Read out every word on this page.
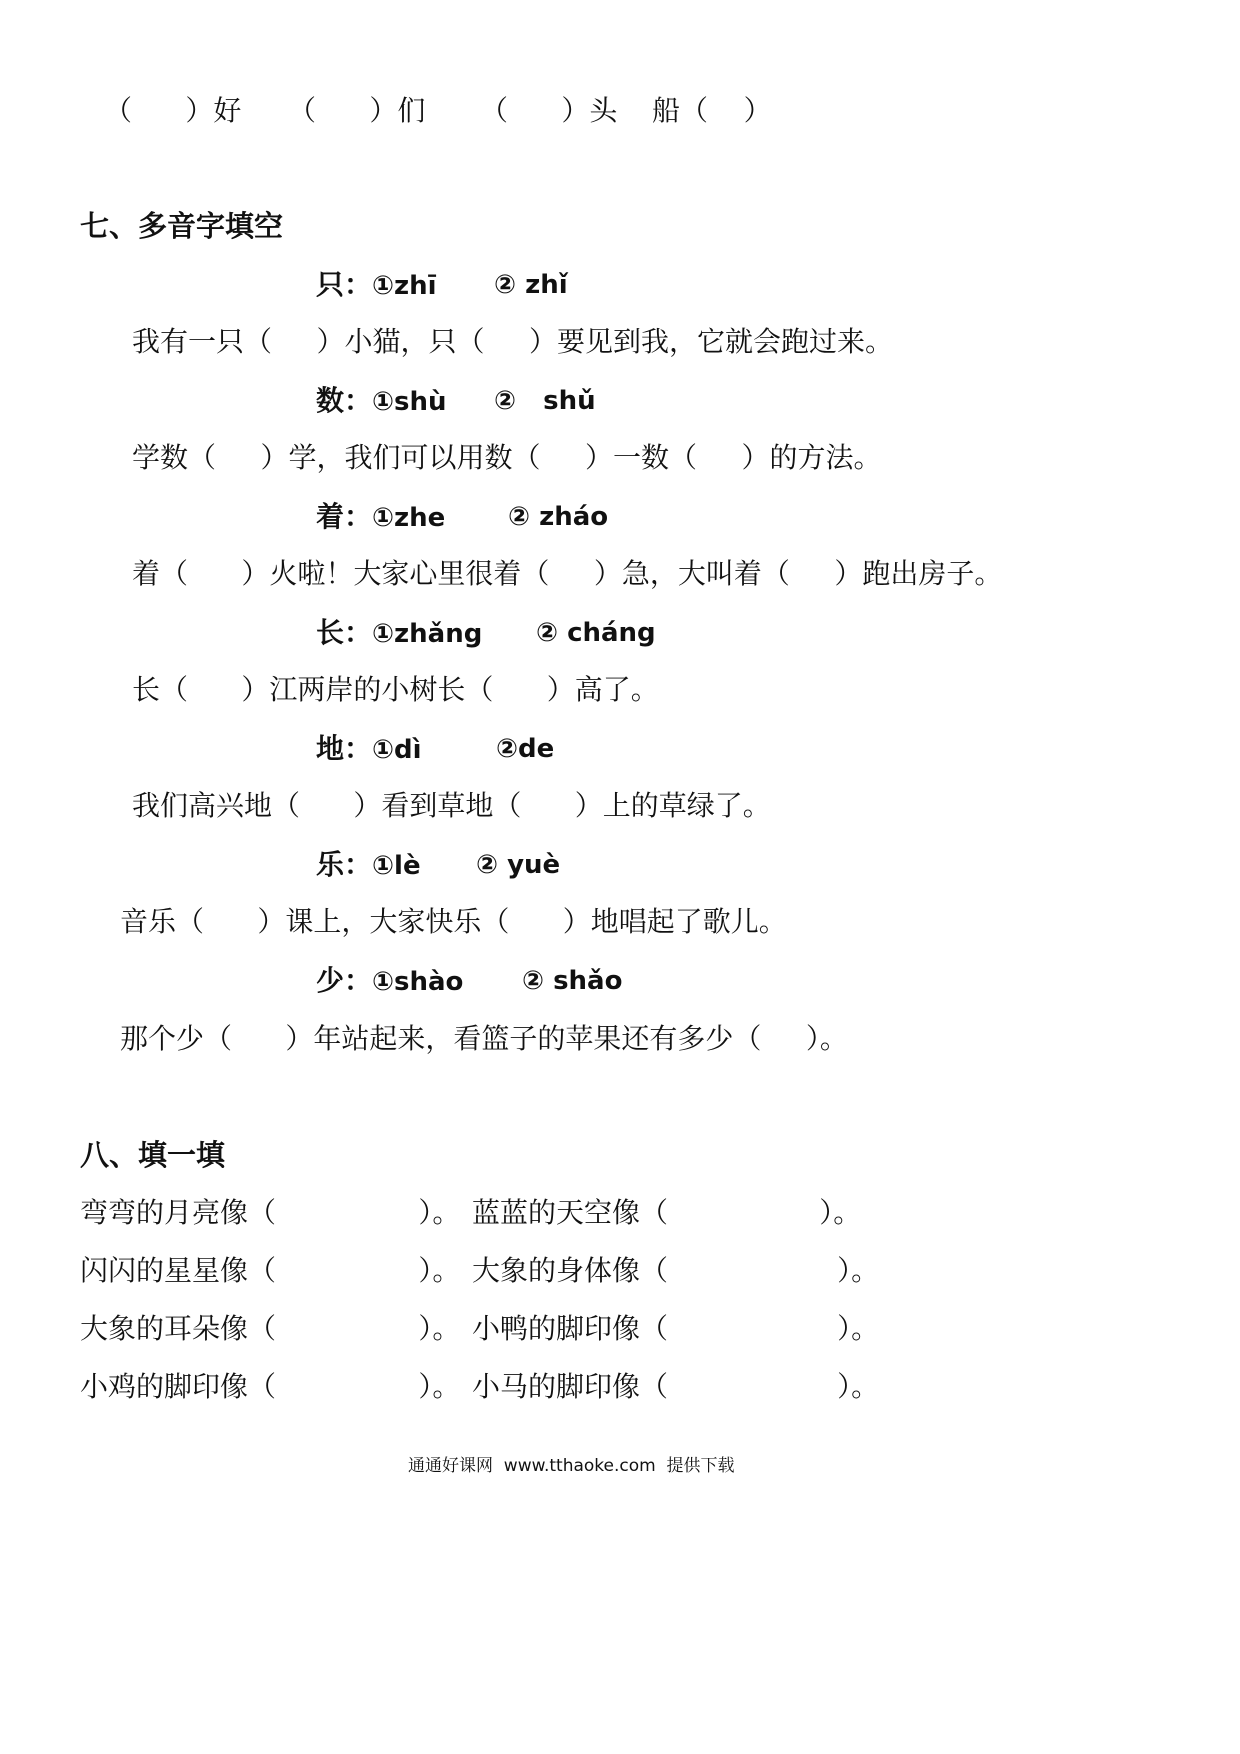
（      ）好 （      ）们 （      ）头 船（    ）
七、多音字填空
只：①zhī ② zhǐ
我有一只（     ）小猫，只（     ）要见到我，它就会跑过来。
数：①shù ②   shǔ
学数（     ）学，我们可以用数（     ）一数（     ）的方法。
着：①zhe ② zháo
着（      ）火啦！大家心里很着（     ）急，大叫着（     ）跑出房子。
长：①zhǎng ② cháng
长（      ）江两岸的小树长（      ）高了。
地：①dì	②de
我们高兴地（      ）看到草地（      ）上的草绿了。
乐：①lè ② yuè
音乐（      ）课上，大家快乐（      ）地唱起了歌儿。
少：①shào ② shǎo
那个少（      ）年站起来，看篮子的苹果还有多少（     ）。
八、填一填
弯弯的月亮像（                ）。 蓝蓝的天空像（                 ）。
闪闪的星星像（                ）。 大象的身体像（                   ）。
大象的耳朵像（                ）。 小鸭的脚印像（                   ）。
小鸡的脚印像（                ）。 小马的脚印像（                   ）。
通通好课网  www.tthaoke.com  提供下载
